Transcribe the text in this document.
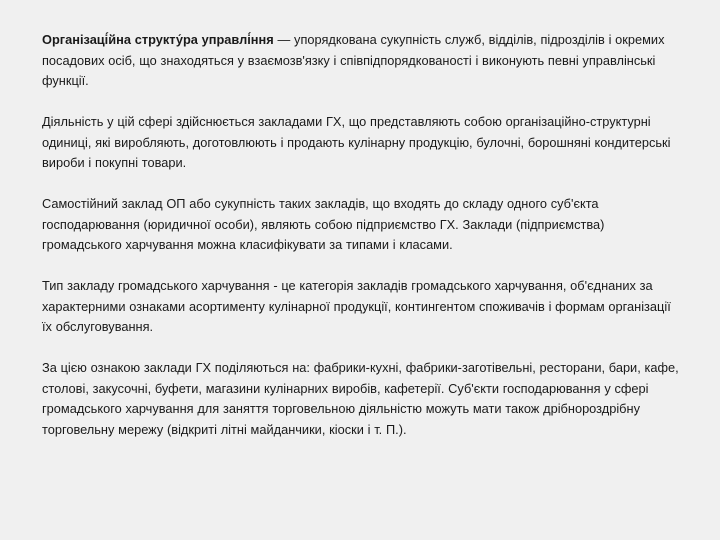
Організаці́йна структу́ра управлі́ння — упорядкована сукупність служб, відділів, підрозділів і окремих посадових осіб, що знаходяться у взаємозв'язку і співпідпорядкованості і виконують певні управлінські функції.

Діяльність у цій сфері здійснюється закладами ГХ, що представляють собою організаційно-структурні одиниці, які виробляють, доготовлюють і продають кулінарну продукцію, булочні, борошняні кондитерські вироби і покупні товари.

Самостійний заклад ОП або сукупність таких закладів, що входять до складу одного суб'єкта господарювання (юридичної особи), являють собою підприємство ГХ. Заклади (підприємства) громадського харчування можна класифікувати за типами і класами.

Тип закладу громадського харчування - це категорія закладів громадського харчування, об'єднаних за характерними ознаками асортименту кулінарної продукції, контингентом споживачів і формам організації їх обслуговування.

За цією ознакою заклади ГХ поділяються на: фабрики-кухні, фабрики-заготівельні, ресторани, бари, кафе, столові, закусочні, буфети, магазини кулінарних виробів, кафетерії. Суб'єкти господарювання у сфері громадського харчування для заняття торговельною діяльністю можуть мати також дрібнороздрібну торговельну мережу (відкриті літні майданчики, кіоски і т. П.).
